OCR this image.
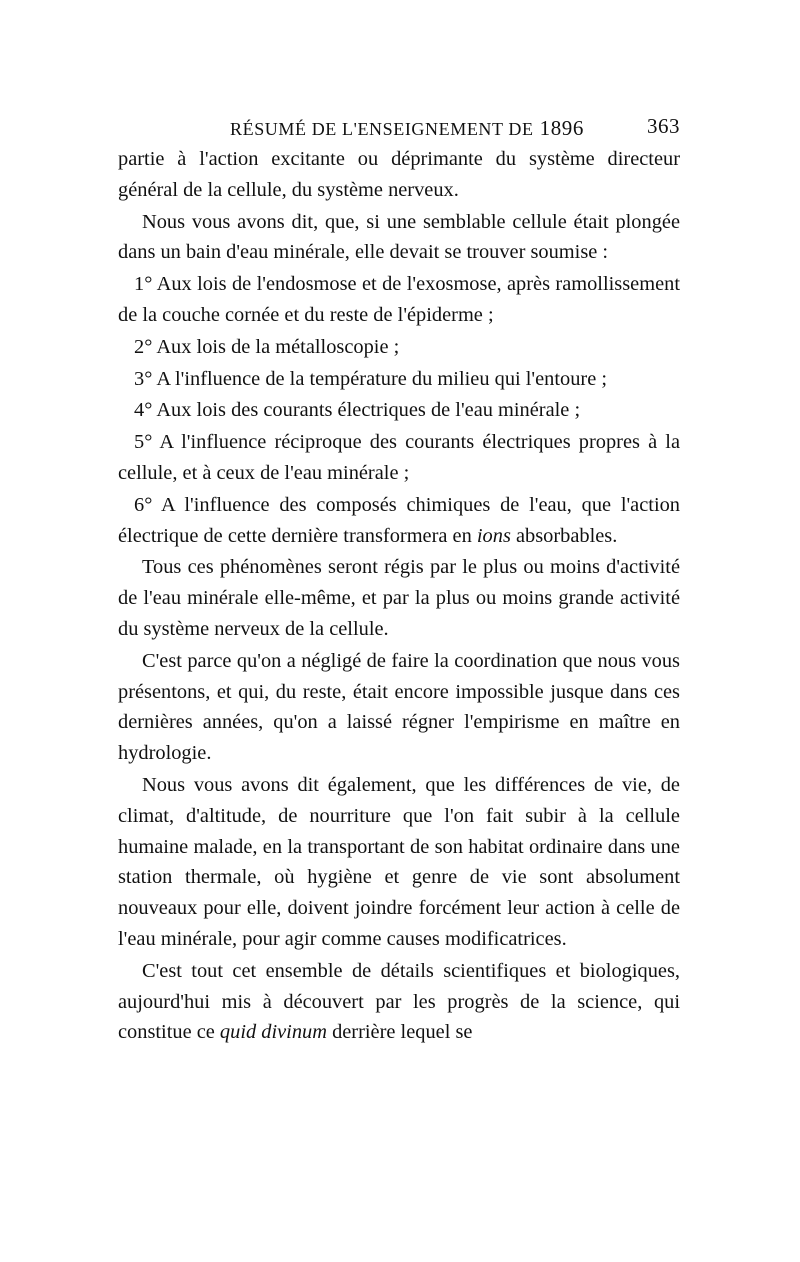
RÉSUMÉ DE L'ENSEIGNEMENT DE 1896	363

partie à l'action excitante ou déprimante du système directeur général de la cellule, du système nerveux.

Nous vous avons dit, que, si une semblable cellule était plongée dans un bain d'eau minérale, elle devait se trouver soumise :

1° Aux lois de l'endosmose et de l'exosmose, après ramollissement de la couche cornée et du reste de l'épiderme ;

2° Aux lois de la métalloscopie ;

3° A l'influence de la température du milieu qui l'entoure ;

4° Aux lois des courants électriques de l'eau minérale ;

5° A l'influence réciproque des courants électriques propres à la cellule, et à ceux de l'eau minérale ;

6° A l'influence des composés chimiques de l'eau, que l'action électrique de cette dernière transformera en ions absorbables.

Tous ces phénomènes seront régis par le plus ou moins d'activité de l'eau minérale elle-même, et par la plus ou moins grande activité du système nerveux de la cellule.

C'est parce qu'on a négligé de faire la coordination que nous vous présentons, et qui, du reste, était encore impossible jusque dans ces dernières années, qu'on a laissé régner l'empirisme en maître en hydrologie.

Nous vous avons dit également, que les différences de vie, de climat, d'altitude, de nourriture que l'on fait subir à la cellule humaine malade, en la transportant de son habitat ordinaire dans une station thermale, où hygiène et genre de vie sont absolument nouveaux pour elle, doivent joindre forcément leur action à celle de l'eau minérale, pour agir comme causes modificatrices.

C'est tout cet ensemble de détails scientifiques et biologiques, aujourd'hui mis à découvert par les progrès de la science, qui constitue ce quid divinum derrière lequel se
